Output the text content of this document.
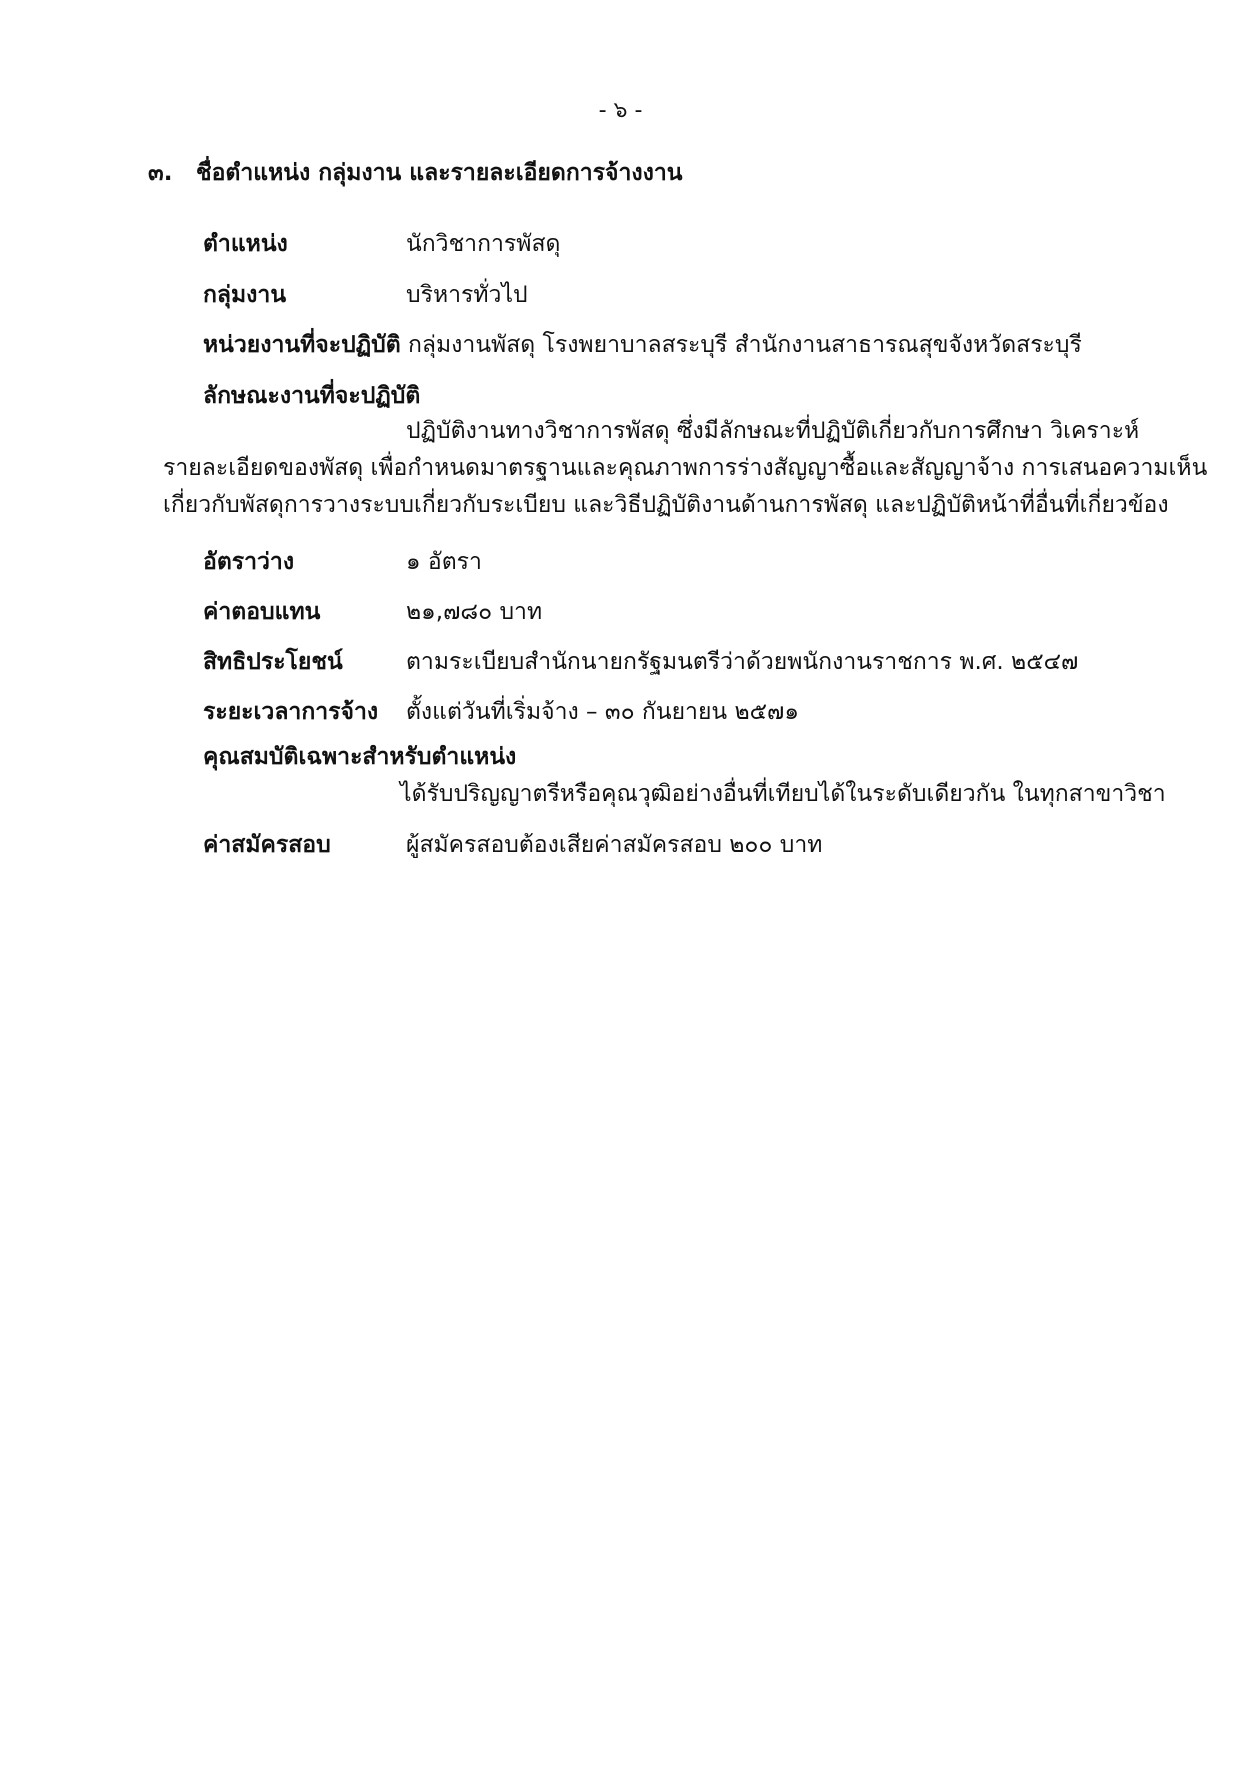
- ๖ -
๓. ชื่อตำแหน่ง กลุ่มงาน และรายละเอียดการจ้างงาน
ตำแหน่ง	นักวิชาการพัสดุ
กลุ่มงาน	บริหารทั่วไป
หน่วยงานที่จะปฏิบัติ กลุ่มงานพัสดุ โรงพยาบาลสระบุรี สำนักงานสาธารณสุขจังหวัดสระบุรี
ลักษณะงานที่จะปฏิบัติ
ปฏิบัติงานทางวิชาการพัสดุ ซึ่งมีลักษณะที่ปฏิบัติเกี่ยวกับการศึกษา วิเคราะห์
รายละเอียดของพัสดุ เพื่อกำหนดมาตรฐานและคุณภาพการร่างสัญญาซื้อและสัญญาจ้าง การเสนอความเห็น
เกี่ยวกับพัสดุการวางระบบเกี่ยวกับระเบียบ และวิธีปฏิบัติงานด้านการพัสดุ และปฏิบัติหน้าที่อื่นที่เกี่ยวข้อง
อัตราว่าง	๑ อัตรา
ค่าตอบแทน	๒๑,๗๘๐ บาท
สิทธิประโยชน์	ตามระเบียบสำนักนายกรัฐมนตรีว่าด้วยพนักงานราชการ พ.ศ. ๒๕๔๗
ระยะเวลาการจ้าง ตั้งแต่วันที่เริ่มจ้าง – ๓๐ กันยายน ๒๕๗๑
คุณสมบัติเฉพาะสำหรับตำแหน่ง
ได้รับปริญญาตรีหรือคุณวุฒิอย่างอื่นที่เทียบได้ในระดับเดียวกัน ในทุกสาขาวิชา
ค่าสมัครสอบ	ผู้สมัครสอบต้องเสียค่าสมัครสอบ ๒๐๐ บาท
